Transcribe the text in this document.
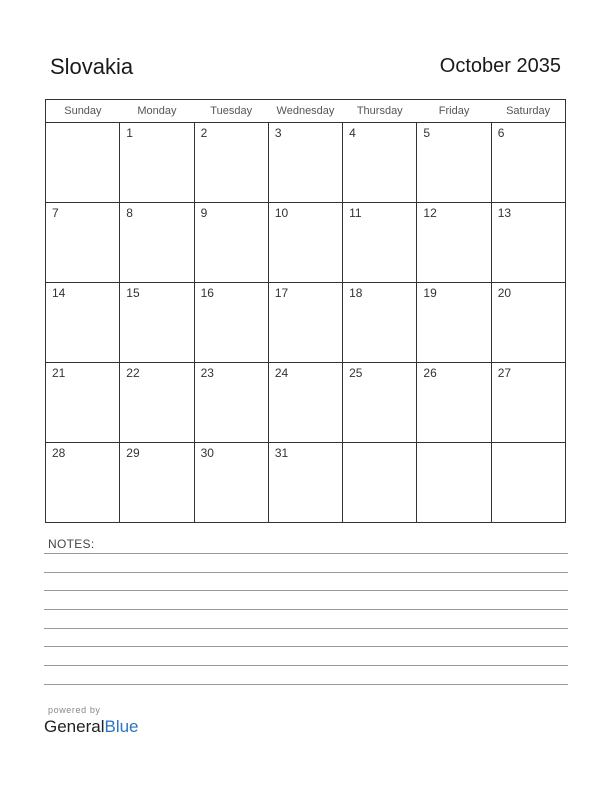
Slovakia	October 2035
Sunday	Monday	Tuesday	Wednesday	Thursday	Friday	Saturday
	1	2	3	4	5	6
7	8	9	10	11	12	13
14	15	16	17	18	19	20
21	22	23	24	25	26	27
28	29	30	31			
NOTES:
powered by
GeneralBlue
